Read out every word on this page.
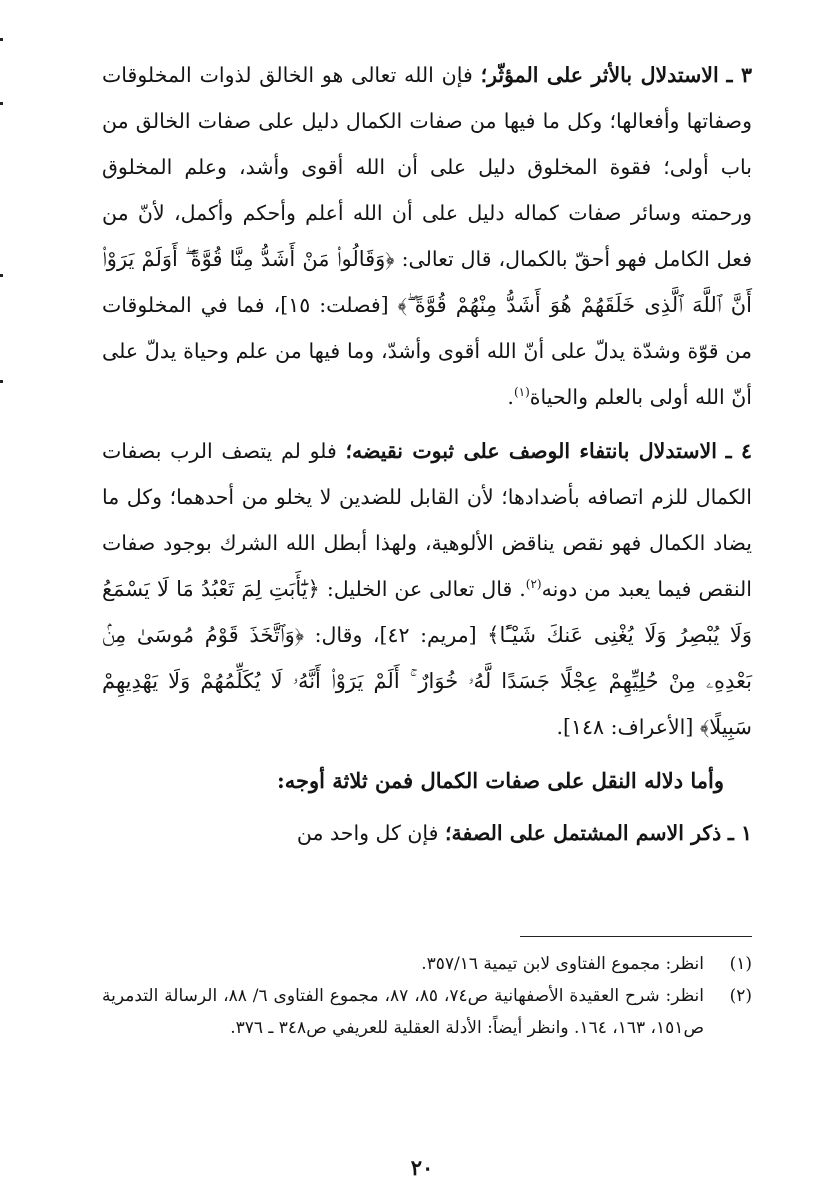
٣ ـ الاستدلال بالأثر على المؤثّر؛ فإن الله تعالى هو الخالق لذوات المخلوقات وصفاتها وأفعالها؛ وكل ما فيها من صفات الكمال دليل على صفات الخالق من باب أولى؛ فقوة المخلوق دليل على أن الله أقوى وأشد، وعلم المخلوق ورحمته وسائر صفات كماله دليل على أن الله أعلم وأحكم وأكمل، لأنّ من فعل الكامل فهو أحقّ بالكمال، قال تعالى: ﴿وَقَالُوا۟ مَنْ أَشَدُّ مِنَّا قُوَّةً ۖ أَوَلَمْ يَرَوْا۟ أَنَّ ٱللَّهَ ٱلَّذِى خَلَقَهُمْ هُوَ أَشَدُّ مِنْهُمْ قُوَّةً ۖ﴾ [فصلت: ١٥]، فما في المخلوقات من قوّة وشدّة يدلّ على أنّ الله أقوى وأشدّ، وما فيها من علم وحياة يدلّ على أنّ الله أولى بالعلم والحياة$^{(١)}$.

٤ ـ الاستدلال بانتفاء الوصف على ثبوت نقيضه؛ فلو لم يتصف الرب بصفات الكمال للزم اتصافه بأضدادها؛ لأن القابل للضدين لا يخلو من أحدهما؛ وكل ما يضاد الكمال فهو نقص يناقض الألوهية، ولهذا أبطل الله الشرك بوجود صفات النقص فيما يعبد من دونه$^{(٢)}$. قال تعالى عن الخليل: ﴿يَٰٓأَبَتِ لِمَ تَعْبُدُ مَا لَا يَسْمَعُ وَلَا يُبْصِرُ وَلَا يُغْنِى عَنكَ شَيْـًٔا﴾ [مريم: ٤٢]، وقال: ﴿وَٱتَّخَذَ قَوْمُ مُوسَىٰ مِنۢ بَعْدِهِۦ مِنْ حُلِيِّهِمْ عِجْلًا جَسَدًا لَّهُۥ خُوَارٌ ۚ أَلَمْ يَرَوْا۟ أَنَّهُۥ لَا يُكَلِّمُهُمْ وَلَا يَهْدِيهِمْ سَبِيلًا﴾ [الأعراف: ١٤٨].

وأما دلاله النقل على صفات الكمال فمن ثلاثة أوجه:

١ ـ ذكر الاسم المشتمل على الصفة؛ فإن كل واحد من

(١)
انظر: مجموع الفتاوى لابن تيمية ٣٥٧/١٦.
(٢)
انظر: شرح العقيدة الأصفهانية ص٧٤، ٨٥، ٨٧، مجموع الفتاوى ٦/ ٨٨، الرسالة التدمرية ص١٥١، ١٦٣، ١٦٤. وانظر أيضاً: الأدلة العقلية للعريفي ص٣٤٨ ـ ٣٧٦.
٢٠
